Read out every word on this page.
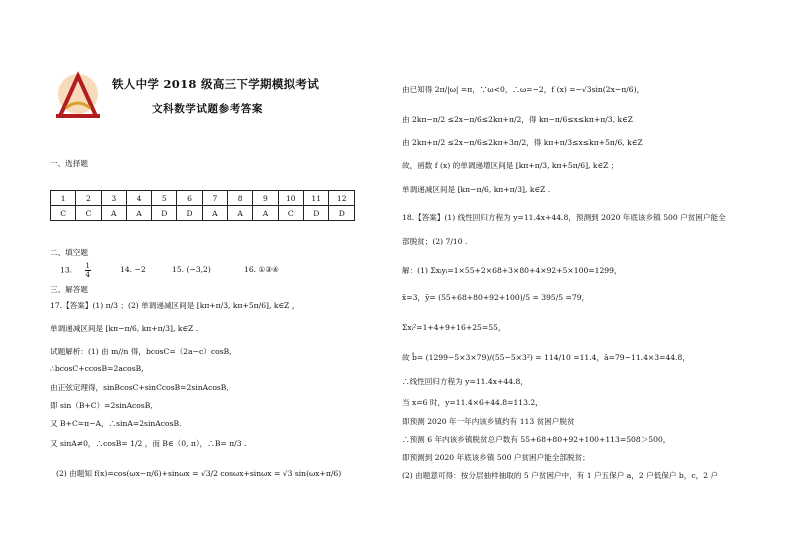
铁人中学 2018 级高三下学期模拟考试
文科数学试题参考答案
一、选择题
1	2	3	4	5	6	7	8	9	10	11	12
C	C	A	A	D	D	A	A	A	C	D	D
二、填空题
13. $\frac{1}{4}$	14. −2	15. (−3,2)	16. ①③④
三、解答题
17.【答案】(1) π/3 ；(2) 单调递减区间是 [kπ+π/3, kπ+5π/6], k∈Z ，
单调递减区间是 [kπ−π/6, kπ+π/3], k∈Z .
试题解析：(1) 由 m//n 得，bcosC=（2a−c）cosB,
∴bcosC+ccosB=2acosB,
由正弦定理得，sinBcosC+sinCcosB=2sinAcosB,
即 sin（B+C）=2sinAcosB,
又 B+C=π−A，∴sinA=2sinAcosB.
又 sinA≠0，∴cosB= 1/2 ，而 B∈（0, π），∴B= π/3 .
(2) 由题知 f(x)=cos(ωx−π/6)+sinωx = √3/2 cosωx+sinωx = √3 sin(ωx+π/6)
由已知得 2π/|ω| =π，∵ω<0，∴ω=−2，f (x) =−√3sin(2x−π/6)，
由 2kπ−π/2 ≤2x−π/6≤2kπ+π/2，得 kπ−π/6≤x≤kπ+π/3, k∈Z
由 2kπ+π/2 ≤2x−π/6≤2kπ+3π/2，得 kπ+π/3≤x≤kπ+5π/6, k∈Z
故，函数 f (x) 的单调递增区间是 [kπ+π/3, kπ+5π/6], k∈Z ；
单调递减区间是 [kπ−π/6, kπ+π/3], k∈Z .
18.【答案】(1) 线性回归方程为 y=11.4x+44.8，预测到 2020 年底该乡镇 500 户贫困户能全
部脱贫；(2) 7/10 .
解：(1) Σxᵢyᵢ=1×55+2×68+3×80+4×92+5×100=1299，
x̄=3，ȳ= (55+68+80+92+100)/5 = 395/5 =79，
Σxᵢ²=1+4+9+16+25=55，
故 b̂= (1299−5×3×79)/(55−5×3²) = 114/10 =11.4，â=79−11.4×3=44.8，
∴线性回归方程为 y=11.4x+44.8，
当 x=6 时，y=11.4×6+44.8=113.2，
即预测 2020 年一年内该乡镇约有 113 贫困户脱贫
∴预测 6 年内该乡镇脱贫总户数有 55+68+80+92+100+113=508＞500，
即预测到 2020 年底该乡镇 500 户贫困户能全部脱贫；
(2) 由题意可得：按分层抽样抽取的 5 户贫困户中，有 1 户五保户 a，2 户低保户 b，c，2 户
